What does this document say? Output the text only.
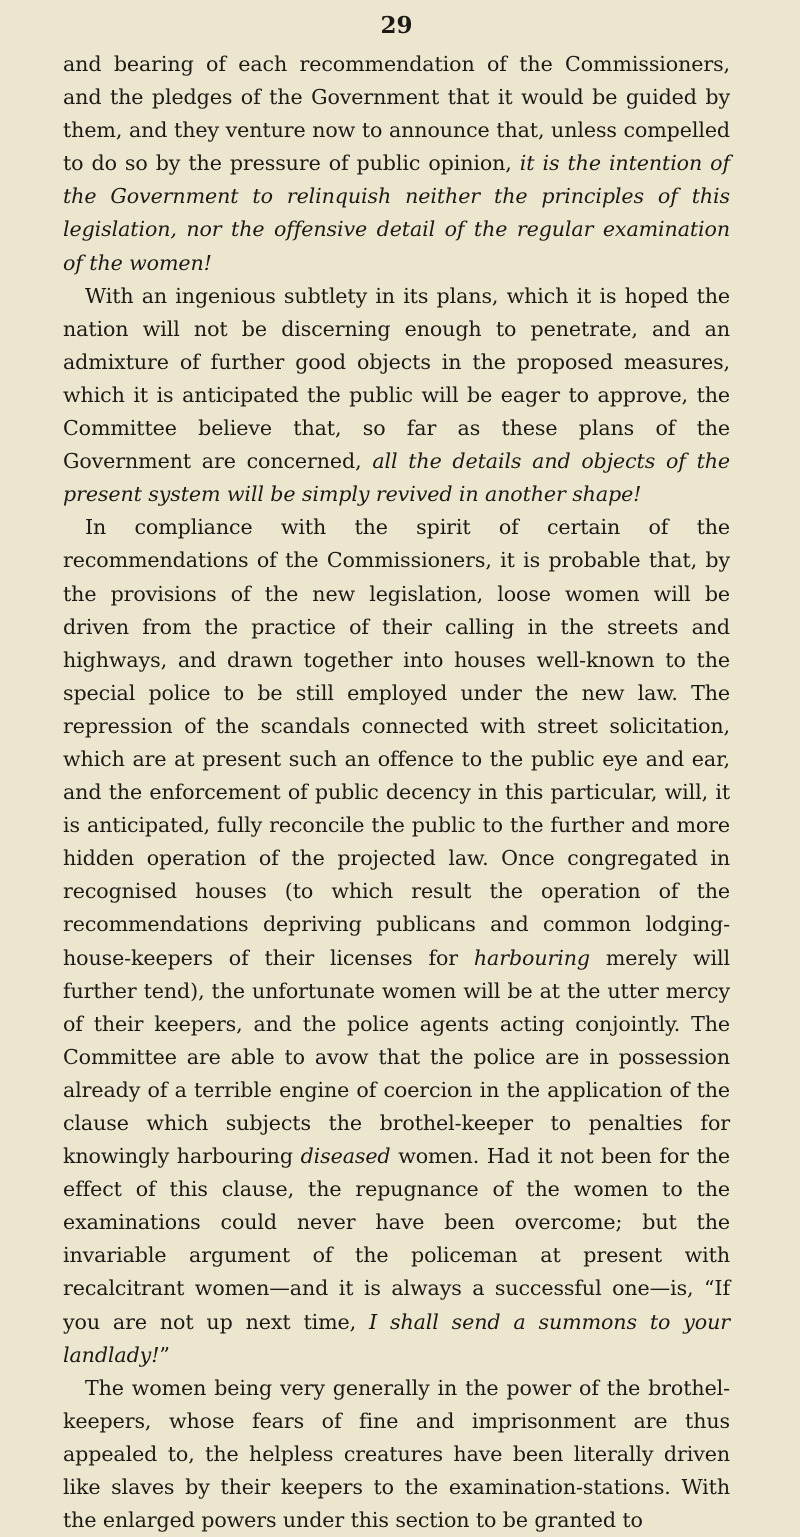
29

and bearing of each recommendation of the Commissioners, and the pledges of the Government that it would be guided by them, and they venture now to announce that, unless compelled to do so by the pressure of public opinion, it is the intention of the Government to relinquish neither the principles of this legislation, nor the offensive detail of the regular examination of the women!

With an ingenious subtlety in its plans, which it is hoped the nation will not be discerning enough to penetrate, and an admixture of further good objects in the proposed measures, which it is anticipated the public will be eager to approve, the Committee believe that, so far as these plans of the Government are concerned, all the details and objects of the present system will be simply revived in another shape!

In compliance with the spirit of certain of the recommendations of the Commissioners, it is probable that, by the provisions of the new legislation, loose women will be driven from the practice of their calling in the streets and highways, and drawn together into houses well-known to the special police to be still employed under the new law. The repression of the scandals connected with street solicitation, which are at present such an offence to the public eye and ear, and the enforcement of public decency in this particular, will, it is anticipated, fully reconcile the public to the further and more hidden operation of the projected law. Once congregated in recognised houses (to which result the operation of the recommendations depriving publicans and common lodging-house-keepers of their licenses for harbouring merely will further tend), the unfortunate women will be at the utter mercy of their keepers, and the police agents acting conjointly. The Committee are able to avow that the police are in possession already of a terrible engine of coercion in the application of the clause which subjects the brothel-keeper to penalties for knowingly harbouring diseased women. Had it not been for the effect of this clause, the repugnance of the women to the examinations could never have been overcome; but the invariable argument of the policeman at present with recalcitrant women—and it is always a successful one—is, “If you are not up next time, I shall send a summons to your landlady!”

The women being very generally in the power of the brothel-keepers, whose fears of fine and imprisonment are thus appealed to, the helpless creatures have been literally driven like slaves by their keepers to the examination-stations. With the enlarged powers under this section to be granted to
